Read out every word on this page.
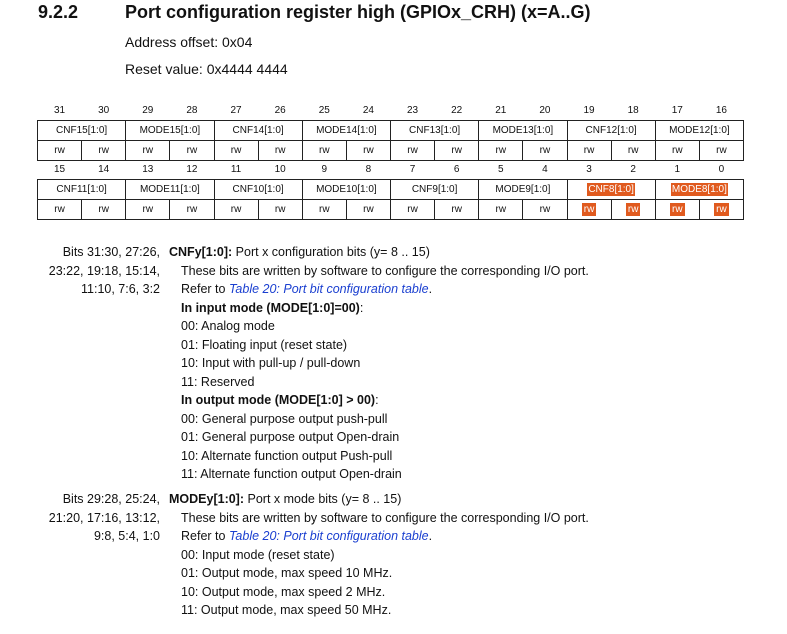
9.2.2	Port configuration register high (GPIOx_CRH) (x=A..G)
Address offset: 0x04
Reset value: 0x4444 4444
31	30	29	28	27	26	25	24	23	22	21	20	19	18	17	16
CNF15[1:0]		MODE15[1:0]		CNF14[1:0]		MODE14[1:0]		CNF13[1:0]		MODE13[1:0]		CNF12[1:0]		MODE12[1:0]	
rw	rw	rw	rw	rw	rw	rw	rw	rw	rw	rw	rw	rw	rw	rw	rw
15	14	13	12	11	10	9	8	7	6	5	4	3	2	1	0
CNF11[1:0]		MODE11[1:0]		CNF10[1:0]		MODE10[1:0]		CNF9[1:0]		MODE9[1:0]		CNF8[1:0]		MODE8[1:0]	
rw	rw	rw	rw	rw	rw	rw	rw	rw	rw	rw	rw	rw	rw	rw	rw
Bits 31:30, 27:26,
23:22, 19:18, 15:14,
11:10, 7:6, 3:2
CNFy[1:0]: Port x configuration bits (y= 8 .. 15)
These bits are written by software to configure the corresponding I/O port.
Refer to Table 20: Port bit configuration table.
In input mode (MODE[1:0]=00):
00: Analog mode
01: Floating input (reset state)
10: Input with pull-up / pull-down
11: Reserved
In output mode (MODE[1:0] > 00):
00: General purpose output push-pull
01: General purpose output Open-drain
10: Alternate function output Push-pull
11: Alternate function output Open-drain
Bits 29:28, 25:24,
21:20, 17:16, 13:12,
9:8, 5:4, 1:0
MODEy[1:0]: Port x mode bits (y= 8 .. 15)
These bits are written by software to configure the corresponding I/O port.
Refer to Table 20: Port bit configuration table.
00: Input mode (reset state)
01: Output mode, max speed 10 MHz.
10: Output mode, max speed 2 MHz.
11: Output mode, max speed 50 MHz.
